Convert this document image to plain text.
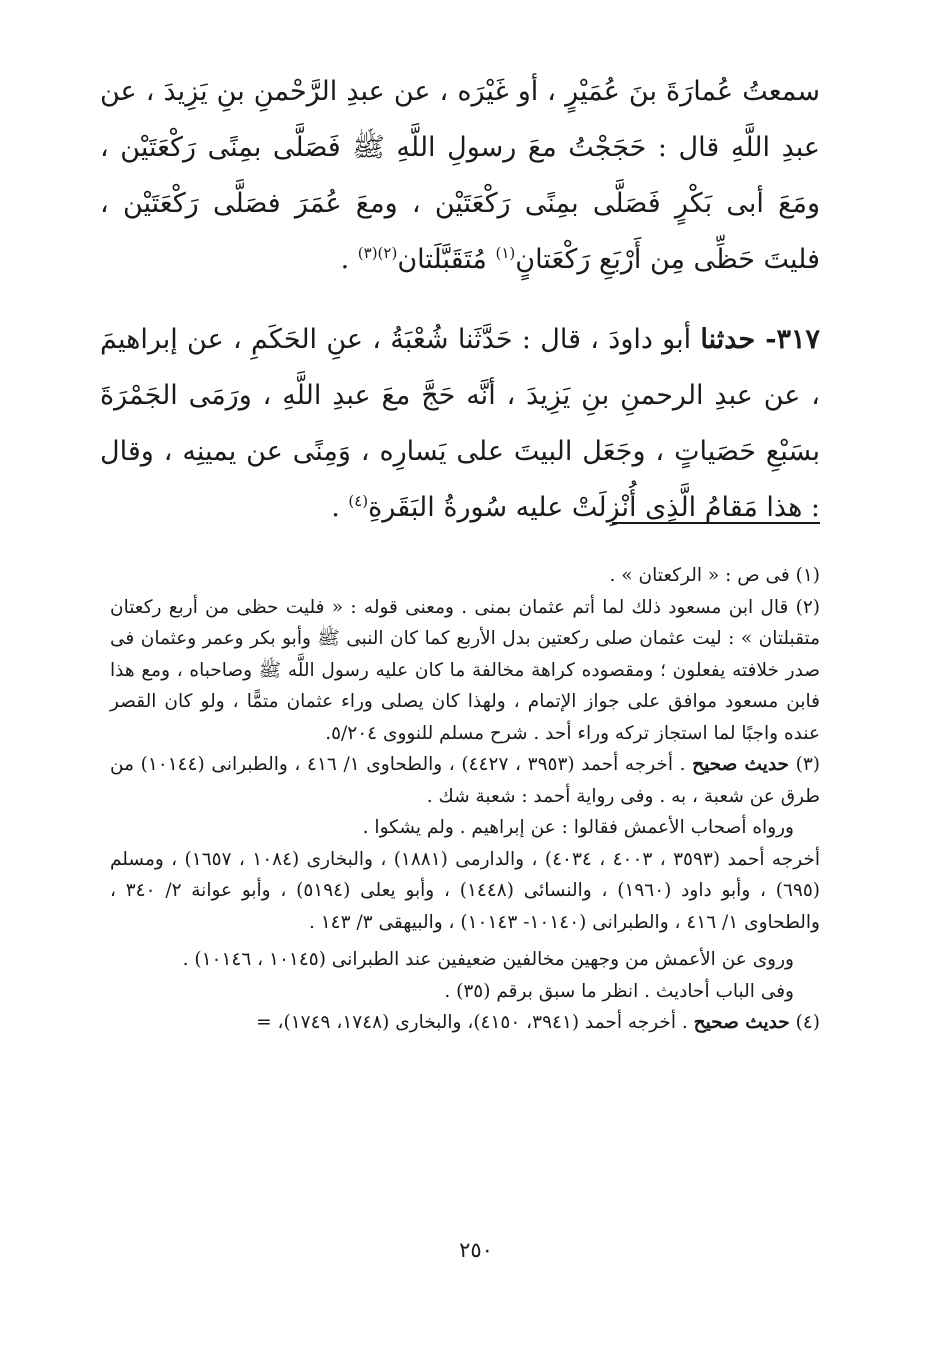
سمعتُ عُمارَةَ بنَ عُمَيْرٍ ، أو غَيْرَه ، عن عبدِ الرَّحْمنِ بنِ يَزِيدَ ، عن عبدِ اللَّهِ قال : حَجَجْتُ معَ رسولِ اللَّهِ ﷺ فَصَلَّى بمِنًى رَكْعَتَيْن ، ومَعَ أبى بَكْرٍ فَصَلَّى بمِنًى رَكْعَتَيْن ، ومعَ عُمَرَ فصَلَّى رَكْعَتَيْن ، فليتَ حَظِّى مِن أَرْبَعِ رَكْعَتانٍ$^{(١)}$ مُتَقَبَّلَتان$^{(٢)(٣)}$ .

٣١٧- حدثنا أبو داودَ ، قال : حَدَّثَنا شُعْبَةُ ، عنِ الحَكَمِ ، عن إبراهيمَ ، عن عبدِ الرحمنِ بنِ يَزِيدَ ، أنَّه حَجَّ معَ عبدِ اللَّهِ ، ورَمَى الجَمْرَةَ بسَبْعِ حَصَياتٍ ، وجَعَل البيتَ على يَسارِه ، وَمِنًى عن يمينِه ، وقال : هذا مَقامُ الَّذِى أُنْزِلَتْ عليه سُورةُ البَقَرةِ$^{(٤)}$ .

(١) فى ص : « الركعتان » .

(٢) قال ابن مسعود ذلك لما أتم عثمان بمنى . ومعنى قوله : « فليت حظى من أربع ركعتان متقبلتان » : ليت عثمان صلى ركعتين بدل الأربع كما كان النبى ﷺ وأبو بكر وعمر وعثمان فى صدر خلافته يفعلون ؛ ومقصوده كراهة مخالفة ما كان عليه رسول اللَّه ﷺ وصاحباه ، ومع هذا فابن مسعود موافق على جواز الإتمام ، ولهذا كان يصلى وراء عثمان متمًّا ، ولو كان القصر عنده واجبًا لما استجاز تركه وراء أحد . شرح مسلم للنووى ٥/٢٠٤.

(٣) حديث صحيح . أخرجه أحمد (٣٩٥٣ ، ٤٤٢٧) ، والطحاوى ١/ ٤١٦ ، والطبرانى (١٠١٤٤) من طرق عن شعبة ، به . وفى رواية أحمد : شعبة شك .

ورواه أصحاب الأعمش فقالوا : عن إبراهيم . ولم يشكوا .

أخرجه أحمد (٣٥٩٣ ، ٤٠٠٣ ، ٤٠٣٤) ، والدارمى (١٨٨١) ، والبخارى (١٠٨٤ ، ١٦٥٧) ، ومسلم (٦٩٥) ، وأبو داود (١٩٦٠) ، والنسائى (١٤٤٨) ، وأبو يعلى (٥١٩٤) ، وأبو عوانة ٢/ ٣٤٠ ، والطحاوى ١/ ٤١٦ ، والطبرانى (١٠١٤٠- ١٠١٤٣) ، والبيهقى ٣/ ١٤٣ .

وروى عن الأعمش من وجهين مخالفين ضعيفين عند الطبرانى (١٠١٤٥ ، ١٠١٤٦) .

وفى الباب أحاديث . انظر ما سبق برقم (٣٥) .

(٤) حديث صحيح . أخرجه أحمد (٣٩٤١، ٤١٥٠)، والبخارى (١٧٤٨، ١٧٤٩)، =

٢٥٠
